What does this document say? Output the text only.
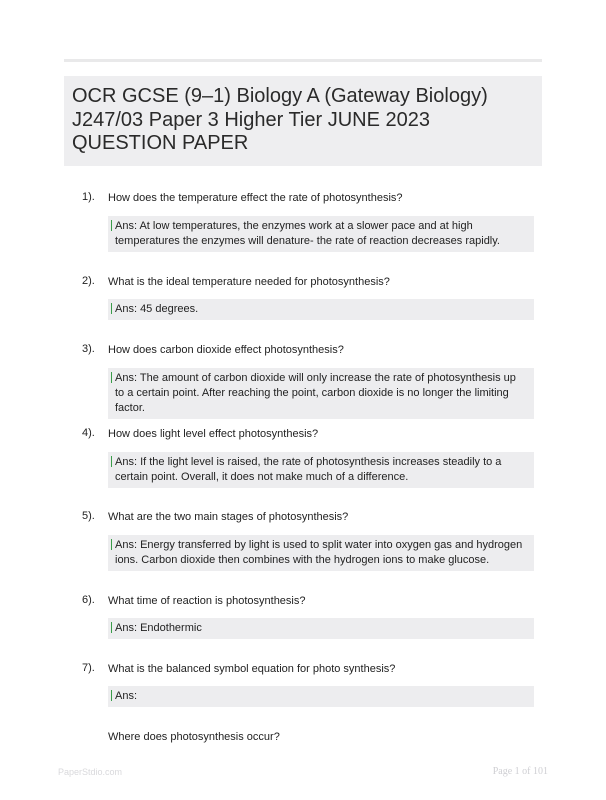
OCR GCSE (9–1) Biology A (Gateway Biology) J247/03 Paper 3 Higher Tier JUNE 2023 QUESTION PAPER
1). How does the temperature effect the rate of photosynthesis?
Ans: At low temperatures, the enzymes work at a slower pace and at high temperatures the enzymes will denature- the rate of reaction decreases rapidly.
2). What is the ideal temperature needed for photosynthesis?
Ans: 45 degrees.
3). How does carbon dioxide effect photosynthesis?
Ans: The amount of carbon dioxide will only increase the rate of photosynthesis up to a certain point. After reaching the point, carbon dioxide is no longer the limiting factor.
4). How does light level effect photosynthesis?
Ans: If the light level is raised, the rate of photosynthesis increases steadily to a certain point. Overall, it does not make much of a difference.
5). What are the two main stages of photosynthesis?
Ans: Energy transferred by light is used to split water into oxygen gas and hydrogen ions. Carbon dioxide then combines with the hydrogen ions to make glucose.
6). What time of reaction is photosynthesis?
Ans: Endothermic
7). What is the balanced symbol equation for photo synthesis?
Ans:
Where does photosynthesis occur?
PaperStdio.com	Page 1 of 101
